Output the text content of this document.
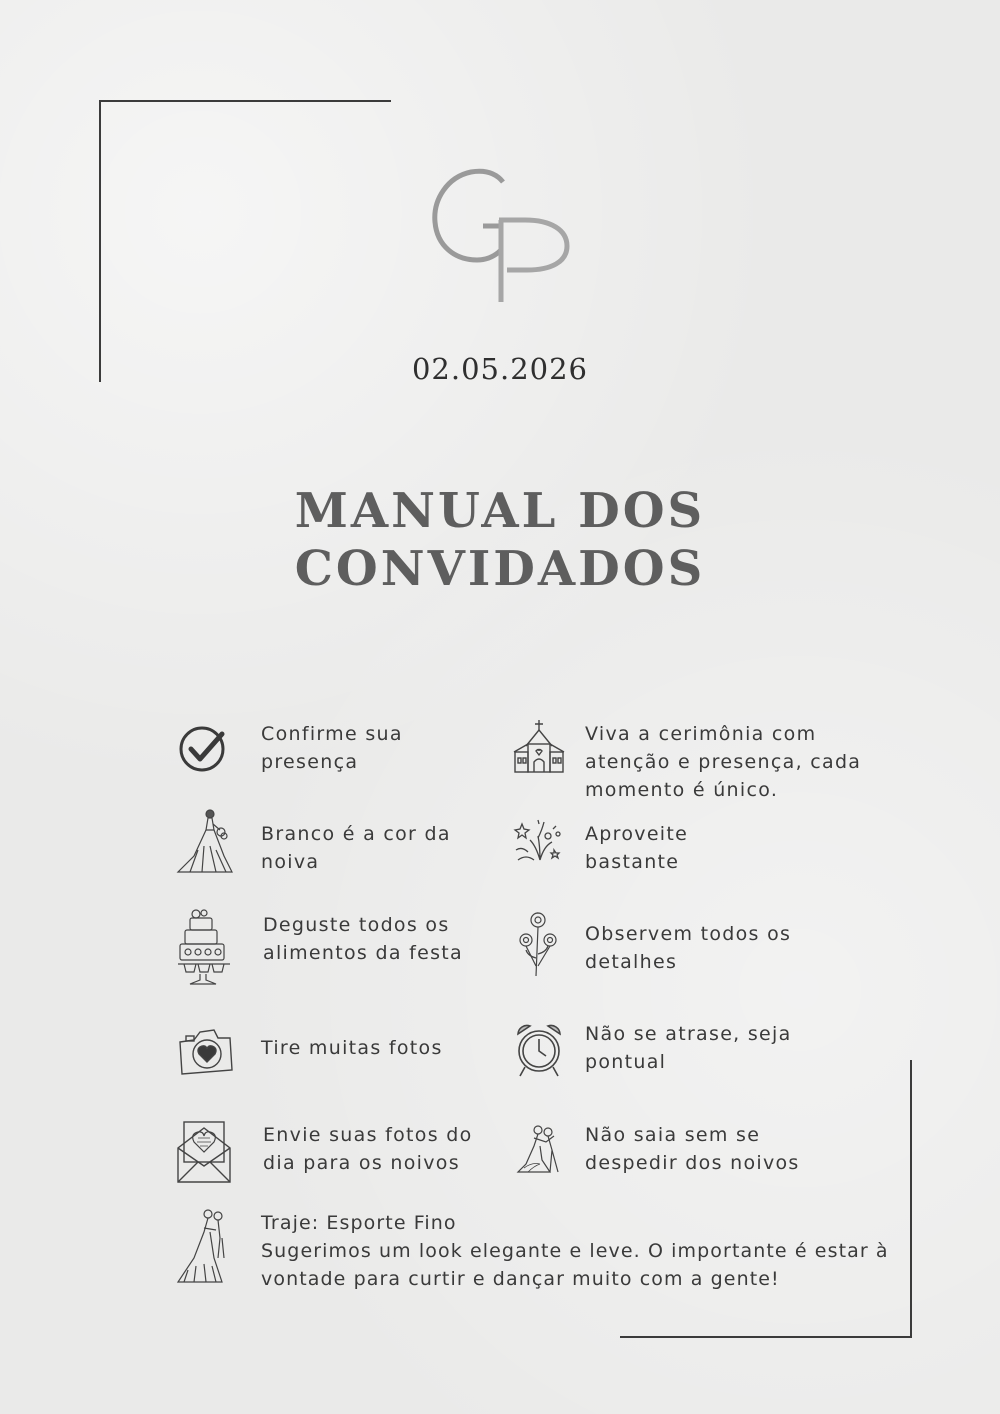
02.05.2026
MANUAL DOS
CONVIDADOS
Confirme sua
presença
Viva a cerimônia com
atenção e presença, cada
momento é único.
Branco é a cor da
noiva
Aproveite
bastante
Deguste todos os
alimentos da festa
Observem todos os
detalhes
Tire muitas fotos
Não se atrase, seja
pontual
Envie suas fotos do
dia para os noivos
Não saia sem se
despedir dos noivos
Traje: Esporte Fino
Sugerimos um look elegante e leve. O importante é estar à
vontade para curtir e dançar muito com a gente!
